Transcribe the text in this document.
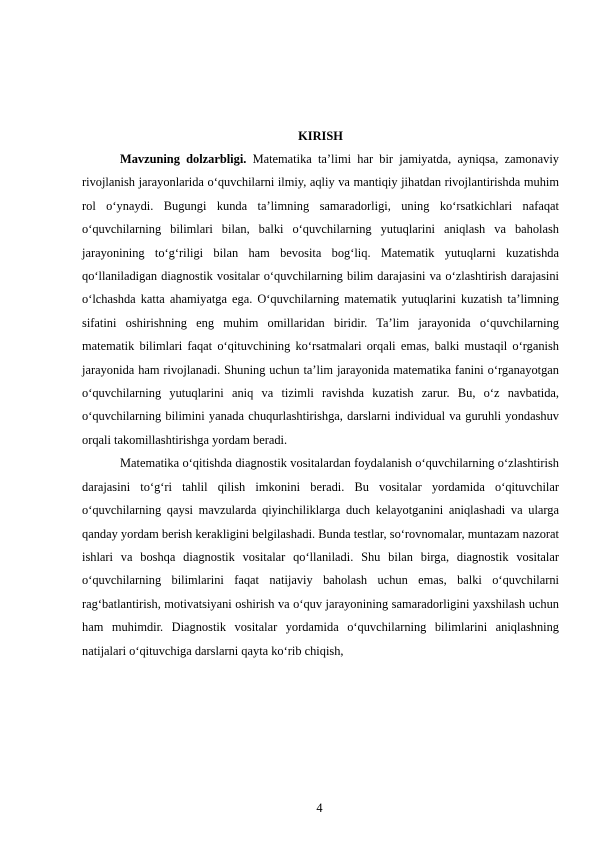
KIRISH

Mavzuning dolzarbligi. Matematika ta’limi har bir jamiyatda, ayniqsa, zamonaviy rivojlanish jarayonlarida o‘quvchilarni ilmiy, aqliy va mantiqiy jihatdan rivojlantirishda muhim rol o‘ynaydi. Bugungi kunda ta’limning samaradorligi, uning ko‘rsatkichlari nafaqat o‘quvchilarning bilimlari bilan, balki o‘quvchilarning yutuqlarini aniqlash va baholash jarayonining to‘g‘riligi bilan ham bevosita bog‘liq. Matematik yutuqlarni kuzatishda qo‘llaniladigan diagnostik vositalar o‘quvchilarning bilim darajasini va o‘zlashtirish darajasini o‘lchashda katta ahamiyatga ega. O‘quvchilarning matematik yutuqlarini kuzatish ta’limning sifatini oshirishning eng muhim omillaridan biridir. Ta’lim jarayonida o‘quvchilarning matematik bilimlari faqat o‘qituvchining ko‘rsatmalari orqali emas, balki mustaqil o‘rganish jarayonida ham rivojlanadi. Shuning uchun ta’lim jarayonida matematika fanini o‘rganayotgan o‘quvchilarning yutuqlarini aniq va tizimli ravishda kuzatish zarur. Bu, o‘z navbatida, o‘quvchilarning bilimini yanada chuqurlashtirishga, darslarni individual va guruhli yondashuv orqali takomillashtirishga yordam beradi.

Matematika o‘qitishda diagnostik vositalardan foydalanish o‘quvchilarning o‘zlashtirish darajasini to‘g‘ri tahlil qilish imkonini beradi. Bu vositalar yordamida o‘qituvchilar o‘quvchilarning qaysi mavzularda qiyinchiliklarga duch kelayotganini aniqlashadi va ularga qanday yordam berish kerakligini belgilashadi. Bunda testlar, so‘rovnomalar, muntazam nazorat ishlari va boshqa diagnostik vositalar qo‘llaniladi. Shu bilan birga, diagnostik vositalar o‘quvchilarning bilimlarini faqat natijaviy baholash uchun emas, balki o‘quvchilarni rag‘batlantirish, motivatsiyani oshirish va o‘quv jarayonining samaradorligini yaxshilash uchun ham muhimdir. Diagnostik vositalar yordamida o‘quvchilarning bilimlarini aniqlashning natijalari o‘qituvchiga darslarni qayta ko‘rib chiqish,

4
